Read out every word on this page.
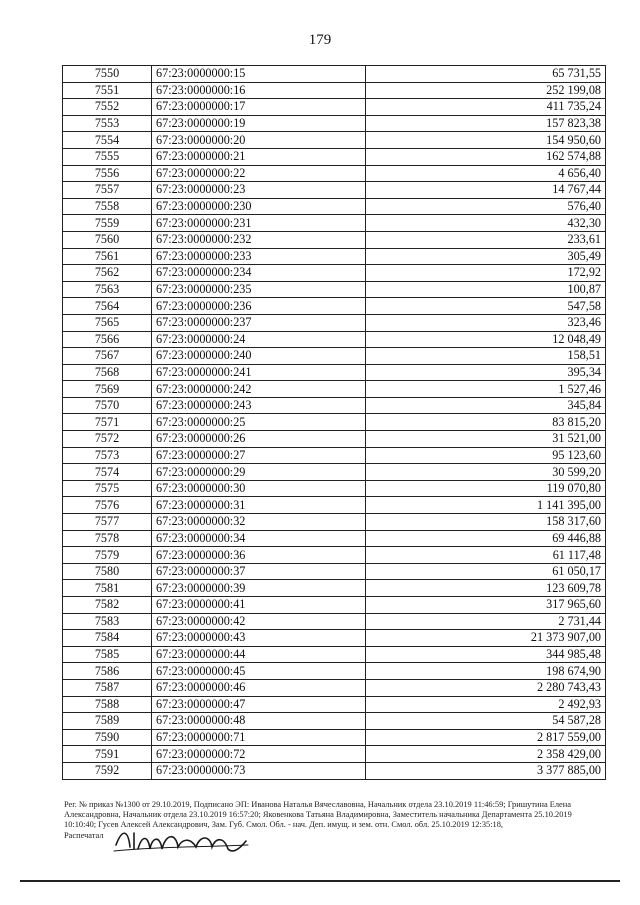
179
7550	67:23:0000000:15	65 731,55
7551	67:23:0000000:16	252 199,08
7552	67:23:0000000:17	411 735,24
7553	67:23:0000000:19	157 823,38
7554	67:23:0000000:20	154 950,60
7555	67:23:0000000:21	162 574,88
7556	67:23:0000000:22	4 656,40
7557	67:23:0000000:23	14 767,44
7558	67:23:0000000:230	576,40
7559	67:23:0000000:231	432,30
7560	67:23:0000000:232	233,61
7561	67:23:0000000:233	305,49
7562	67:23:0000000:234	172,92
7563	67:23:0000000:235	100,87
7564	67:23:0000000:236	547,58
7565	67:23:0000000:237	323,46
7566	67:23:0000000:24	12 048,49
7567	67:23:0000000:240	158,51
7568	67:23:0000000:241	395,34
7569	67:23:0000000:242	1 527,46
7570	67:23:0000000:243	345,84
7571	67:23:0000000:25	83 815,20
7572	67:23:0000000:26	31 521,00
7573	67:23:0000000:27	95 123,60
7574	67:23:0000000:29	30 599,20
7575	67:23:0000000:30	119 070,80
7576	67:23:0000000:31	1 141 395,00
7577	67:23:0000000:32	158 317,60
7578	67:23:0000000:34	69 446,88
7579	67:23:0000000:36	61 117,48
7580	67:23:0000000:37	61 050,17
7581	67:23:0000000:39	123 609,78
7582	67:23:0000000:41	317 965,60
7583	67:23:0000000:42	2 731,44
7584	67:23:0000000:43	21 373 907,00
7585	67:23:0000000:44	344 985,48
7586	67:23:0000000:45	198 674,90
7587	67:23:0000000:46	2 280 743,43
7588	67:23:0000000:47	2 492,93
7589	67:23:0000000:48	54 587,28
7590	67:23:0000000:71	2 817 559,00
7591	67:23:0000000:72	2 358 429,00
7592	67:23:0000000:73	3 377 885,00

Рег. № приказ №1300 от 29.10.2019, Подписано ЭП: Иванова Наталья Вячеславовна, Начальник отдела 23.10.2019 11:46:59; Гришутина Елена

Александровна, Начальник отдела 23.10.2019 16:57:20; Яковенкова Татьяна Владимировна, Заместитель начальника Департамента 25.10.2019

10:10:40; Гусев Алексей Александрович, Зам. Губ. Смол. Обл. - нач. Деп. имущ. и зем. отн. Смол. обл. 25.10.2019 12:35:18,

Распечатал
